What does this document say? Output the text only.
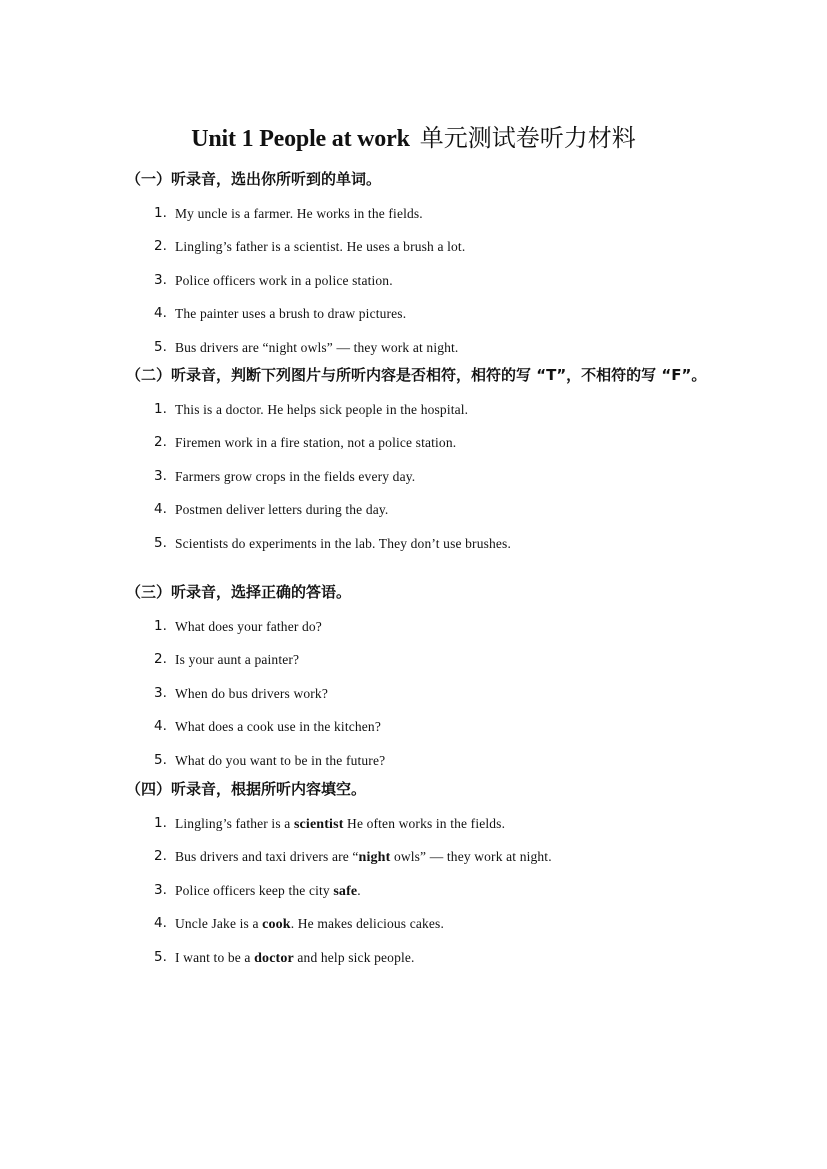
Unit 1 People at work 单元测试卷听力材料
（一）听录音，选出你所听到的单词。
1. My uncle is a farmer. He works in the fields.
2. Lingling’s father is a scientist. He uses a brush a lot.
3. Police officers work in a police station.
4. The painter uses a brush to draw pictures.
5. Bus drivers are “night owls” — they work at night.
（二）听录音，判断下列图片与所听内容是否相符，相符的写 “T”，不相符的写 “F”。
1. This is a doctor. He helps sick people in the hospital.
2. Firemen work in a fire station, not a police station.
3. Farmers grow crops in the fields every day.
4. Postmen deliver letters during the day.
5. Scientists do experiments in the lab. They don’t use brushes.
（三）听录音，选择正确的答语。
1. What does your father do?
2. Is your aunt a painter?
3. When do bus drivers work?
4. What does a cook use in the kitchen?
5. What do you want to be in the future?
（四）听录音，根据所听内容填空。
1. Lingling’s father is a scientist He often works in the fields.
2. Bus drivers and taxi drivers are “night owls” — they work at night.
3. Police officers keep the city safe.
4. Uncle Jake is a cook. He makes delicious cakes.
5. I want to be a doctor and help sick people.
